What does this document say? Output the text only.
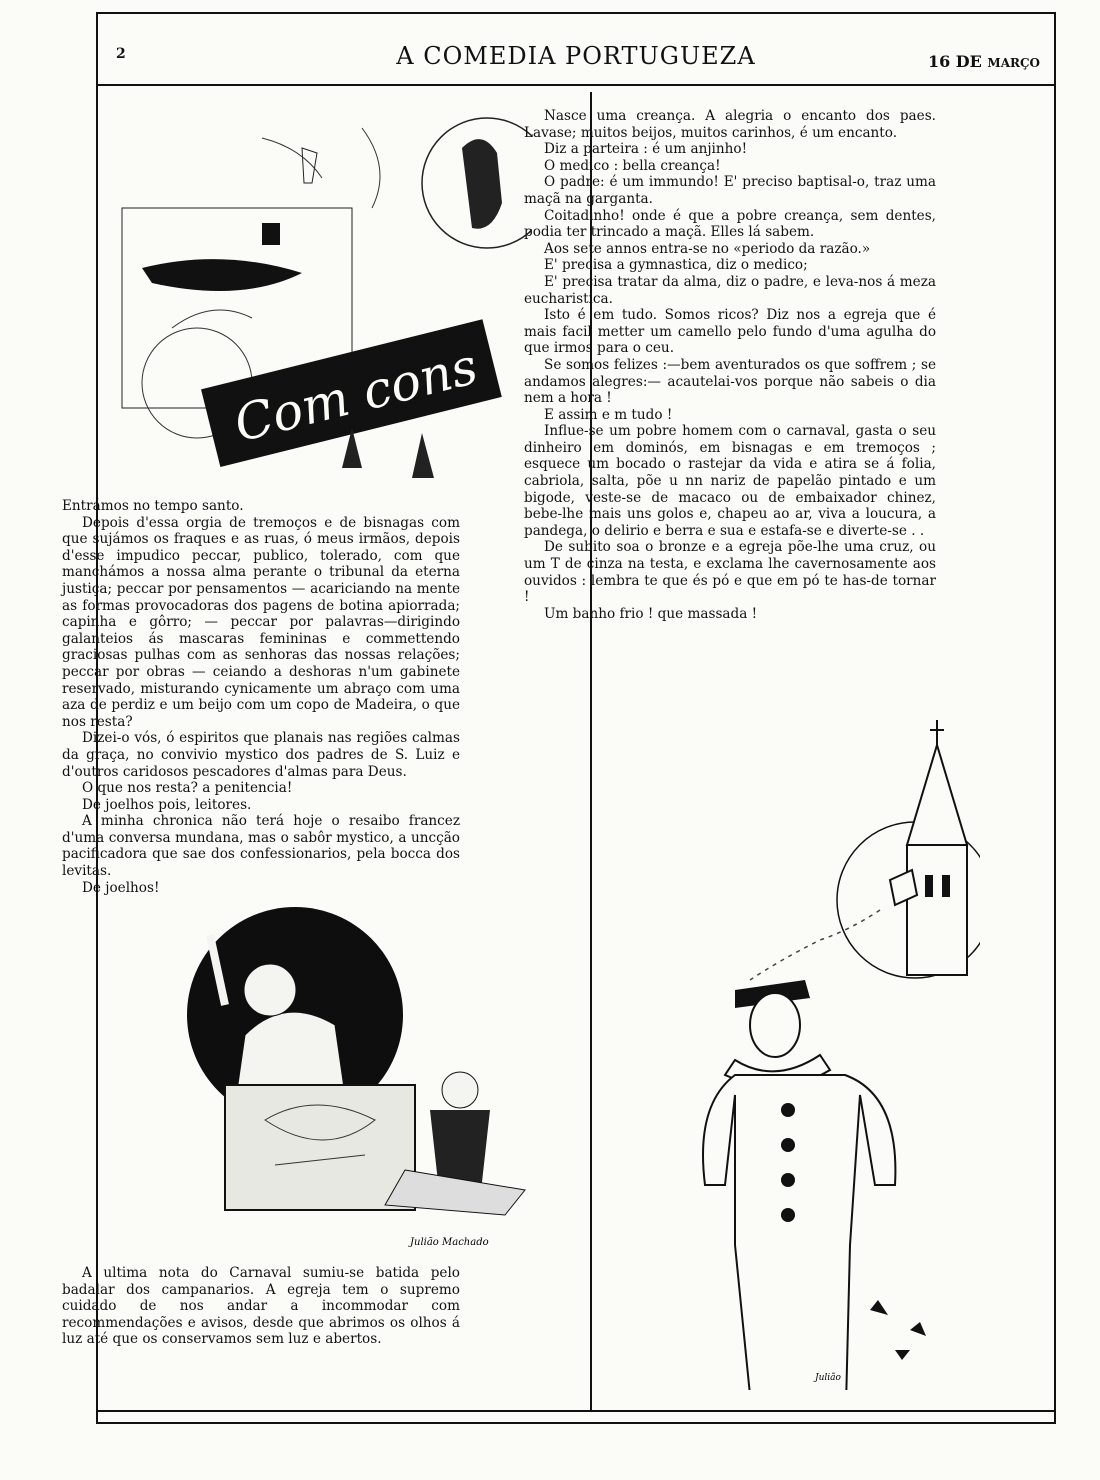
2	A COMEDIA PORTUGUEZA	16 DE MARÇO
Com cons

Entrámos no tempo santo.

Depois d'essa orgia de tremoços e de bisnagas com que sujámos os fraques e as ruas, ó meus irmãos, depois d'esse impudico peccar, publico, tolerado, com que manchámos a nossa alma perante o tribunal da eterna justiça; peccar por pensamentos — acariciando na mente as formas provocadoras dos pagens de botina apiorrada; capinha e gôrro; — peccar por palavras—dirigindo galanteios ás mascaras femininas e commettendo graciosas pulhas com as senhoras das nossas relações; peccar por obras — ceiando a deshoras n'um gabinete reservado, misturando cynicamente um abraço com uma aza de perdiz e um beijo com um copo de Madeira, o que nos resta?

Dizei-o vós, ó espiritos que planais nas regiões calmas da graça, no convivio mystico dos padres de S. Luiz e d'outros caridosos pescadores d'almas para Deus.

O que nos resta? a penitencia!

De joelhos pois, leitores.

A minha chronica não terá hoje o resaibo francez d'uma conversa mundana, mas o sabôr mystico, a uncção pacificadora que sae dos confessionarios, pela bocca dos levitas.

De joelhos!

Julião Machado

A ultima nota do Carnaval sumiu-se batida pelo badalar dos campanarios. A egreja tem o supremo cuidado de nos andar a incommodar com recommendações e avisos, desde que abrimos os olhos á luz até que os conservamos sem luz e abertos.

Nasce uma creança. A alegria o encanto dos paes. Lavase; muitos beijos, muitos carinhos, é um encanto.

Diz a parteira : é um anjinho!

O medico : bella creança!

O padre: é um immundo! E' preciso baptisal-o, traz uma maçã na garganta.

Coitadinho! onde é que a pobre creança, sem dentes, podia ter trincado a maçã. Elles lá sabem.

Aos sete annos entra-se no «periodo da razão.»

E' precisa a gymnastica, diz o medico;

E' precisa tratar da alma, diz o padre, e leva-nos á meza eucharistica.

Isto é em tudo. Somos ricos? Diz nos a egreja que é mais facil metter um camello pelo fundo d'uma agulha do que irmos para o ceu.

Se somos felizes :—bem aventurados os que soffrem ; se andamos alegres:— acautelai-vos porque não sabeis o dia nem a hora !

E assim e m tudo !

Influe-se um pobre homem com o carnaval, gasta o seu dinheiro em dominós, em bisnagas e em tremoços ; esquece um bocado o rastejar da vida e atira se á folia, cabriola, salta, põe u nn nariz de papelão pintado e um bigode, veste-se de macaco ou de embaixador chinez, bebe-lhe mais uns golos e, chapeu ao ar, viva a loucura, a pandega, o delirio e berra e sua e estafa-se e diverte-se . .

De subito soa o bronze e a egreja põe-lhe uma cruz, ou um T de cinza na testa, e exclama lhe cavernosamente aos ouvidos : lembra te que és pó e que em pó te has-de tornar !

Um banho frio ! que massada !

Julião
